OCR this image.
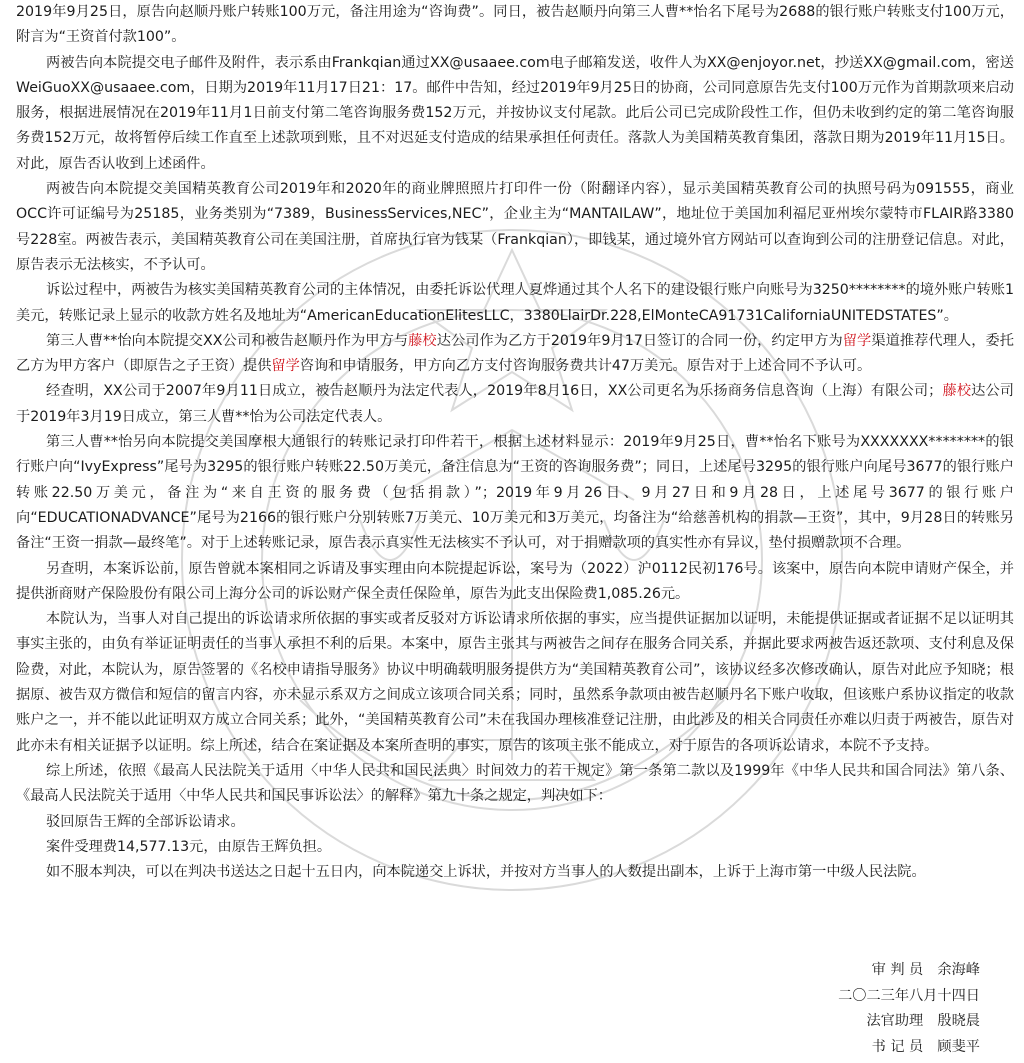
2019年9月25日，原告向赵顺丹账户转账100万元，备注用途为“咨询费”。同日，被告赵顺丹向第三人曹**怡名下尾号为2688的银行账户转账支付100万元，附言为“王资首付款100”。

两被告向本院提交电子邮件及附件，表示系由Frankqian通过XX@usaaee.com电子邮箱发送，收件人为XX@enjoyor.net，抄送XX@gmail.com，密送WeiGuoXX@usaaee.com，日期为2019年11月17日21：17。邮件中告知，经过2019年9月25日的协商，公司同意原告先支付100万元作为首期款项来启动服务，根据进展情况在2019年11月1日前支付第二笔咨询服务费152万元，并按协议支付尾款。此后公司已完成阶段性工作，但仍未收到约定的第二笔咨询服务费152万元，故将暂停后续工作直至上述款项到账，且不对迟延支付造成的结果承担任何责任。落款人为美国精英教育集团，落款日期为2019年11月15日。对此，原告否认收到上述函件。

两被告向本院提交美国精英教育公司2019年和2020年的商业牌照照片打印件一份（附翻译内容），显示美国精英教育公司的执照号码为091555，商业OCC许可证编号为25185，业务类别为“7389，BusinessServices,NEC”，企业主为“MANTAILAW”，地址位于美国加利福尼亚州埃尔蒙特市FLAIR路3380号228室。两被告表示，美国精英教育公司在美国注册，首席执行官为钱某（Frankqian），即钱某，通过境外官方网站可以查询到公司的注册登记信息。对此，原告表示无法核实，不予认可。

诉讼过程中，两被告为核实美国精英教育公司的主体情况，由委托诉讼代理人夏烨通过其个人名下的建设银行账户向账号为3250********的境外账户转账1美元，转账记录上显示的收款方姓名及地址为“AmericanEducationElitesLLC，3380LlairDr.228,ElMonteCA91731CaliforniaUNITEDSTATES”。

第三人曹**怡向本院提交XX公司和被告赵顺丹作为甲方与藤校达公司作为乙方于2019年9月17日签订的合同一份，约定甲方为留学渠道推荐代理人，委托乙方为甲方客户（即原告之子王资）提供留学咨询和申请服务，甲方向乙方支付咨询服务费共计47万美元。原告对于上述合同不予认可。

经查明，XX公司于2007年9月11日成立，被告赵顺丹为法定代表人，2019年8月16日，XX公司更名为乐扬商务信息咨询（上海）有限公司；藤校达公司于2019年3月19日成立，第三人曹**怡为公司法定代表人。

第三人曹**怡另向本院提交美国摩根大通银行的转账记录打印件若干，根据上述材料显示：2019年9月25日，曹**怡名下账号为XXXXXXX********的银行账户向“IvyExpress”尾号为3295的银行账户转账22.50万美元，备注信息为“王资的咨询服务费”；同日，上述尾号3295的银行账户向尾号3677的银行账户转账22.50万美元，备注为“来自王资的服务费（包括捐款）”；2019年9月26日、9月27日和9月28日，上述尾号3677的银行账户向“EDUCATIONADVANCE”尾号为2166的银行账户分别转账7万美元、10万美元和3万美元，均备注为“给慈善机构的捐款—王资”，其中，9月28日的转账另备注“王资一捐款—最终笔”。对于上述转账记录，原告表示真实性无法核实不予认可，对于捐赠款项的真实性亦有异议，垫付损赠款项不合理。

另查明，本案诉讼前，原告曾就本案相同之诉请及事实理由向本院提起诉讼，案号为（2022）沪0112民初176号。该案中，原告向本院申请财产保全，并提供浙商财产保险股份有限公司上海分公司的诉讼财产保全责任保险单，原告为此支出保险费1,085.26元。

本院认为，当事人对自己提出的诉讼请求所依据的事实或者反驳对方诉讼请求所依据的事实，应当提供证据加以证明，未能提供证据或者证据不足以证明其事实主张的，由负有举证证明责任的当事人承担不利的后果。本案中，原告主张其与两被告之间存在服务合同关系，并据此要求两被告返还款项、支付利息及保险费，对此，本院认为，原告签署的《名校申请指导服务》协议中明确载明服务提供方为“美国精英教育公司”，该协议经多次修改确认，原告对此应予知晓；根据原、被告双方微信和短信的留言内容，亦未显示系双方之间成立该项合同关系；同时，虽然系争款项由被告赵顺丹名下账户收取，但该账户系协议指定的收款账户之一，并不能以此证明双方成立合同关系；此外，“美国精英教育公司”未在我国办理核准登记注册，由此涉及的相关合同责任亦难以归责于两被告，原告对此亦未有相关证据予以证明。综上所述，结合在案证据及本案所查明的事实，原告的该项主张不能成立，对于原告的各项诉讼请求，本院不予支持。

综上所述，依照《最高人民法院关于适用〈中华人民共和国民法典〉时间效力的若干规定》第一条第二款以及1999年《中华人民共和国合同法》第八条、《最高人民法院关于适用〈中华人民共和国民事诉讼法〉的解释》第九十条之规定，判决如下：

驳回原告王辉的全部诉讼请求。

案件受理费14,577.13元，由原告王辉负担。

如不服本判决，可以在判决书送达之日起十五日内，向本院递交上诉状，并按对方当事人的人数提出副本，上诉于上海市第一中级人民法院。

审 判 员　 余海峰
二〇二三年八月十四日
法官助理　 殷晓晨
书 记 员　 顾斐平
